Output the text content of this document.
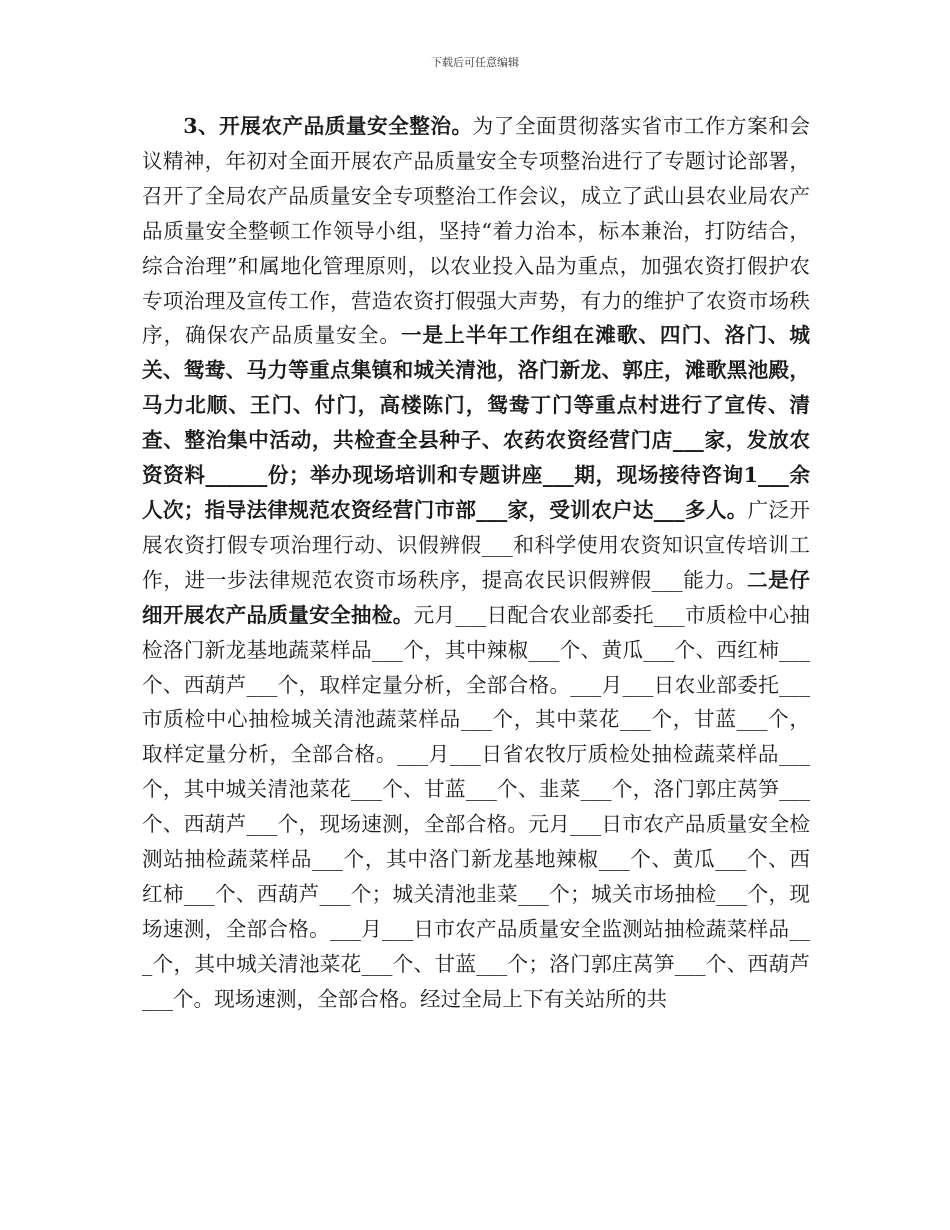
下载后可任意编辑

3、开展农产品质量安全整治。为了全面贯彻落实省市工作方案和会议精神，年初对全面开展农产品质量安全专项整治进行了专题讨论部署，召开了全局农产品质量安全专项整治工作会议，成立了武山县农业局农产品质量安全整顿工作领导小组，坚持“着力治本，标本兼治，打防结合，综合治理”和属地化管理原则，以农业投入品为重点，加强农资打假护农专项治理及宣传工作，营造农资打假强大声势，有力的维护了农资市场秩序，确保农产品质量安全。一是上半年工作组在滩歌、四门、洛门、城关、鸳鸯、马力等重点集镇和城关清池，洛门新龙、郭庄，滩歌黑池殿，马力北顺、王门、付门，高楼陈门，鸳鸯丁门等重点村进行了宣传、清查、整治集中活动，共检查全县种子、农药农资经营门店___家，发放农资资料______份；举办现场培训和专题讲座___期，现场接待咨询1___余人次；指导法律规范农资经营门市部___家，受训农户达___多人。广泛开展农资打假专项治理行动、识假辨假___和科学使用农资知识宣传培训工作，进一步法律规范农资市场秩序，提高农民识假辨假___能力。二是仔细开展农产品质量安全抽检。元月___日配合农业部委托___市质检中心抽检洛门新龙基地蔬菜样品___个，其中辣椒___个、黄瓜___个、西红柿___个、西葫芦___个，取样定量分析，全部合格。___月___日农业部委托___市质检中心抽检城关清池蔬菜样品___个，其中菜花___个，甘蓝___个，取样定量分析，全部合格。___月___日省农牧厅质检处抽检蔬菜样品___个，其中城关清池菜花___个、甘蓝___个、韭菜___个，洛门郭庄莴笋___个、西葫芦___个，现场速测，全部合格。元月___日市农产品质量安全检测站抽检蔬菜样品___个，其中洛门新龙基地辣椒___个、黄瓜___个、西红柿___个、西葫芦___个；城关清池韭菜___个；城关市场抽检___个，现场速测，全部合格。___月___日市农产品质量安全监测站抽检蔬菜样品___个，其中城关清池菜花___个、甘蓝___个；洛门郭庄莴笋___个、西葫芦___个。现场速测，全部合格。经过全局上下有关站所的共
